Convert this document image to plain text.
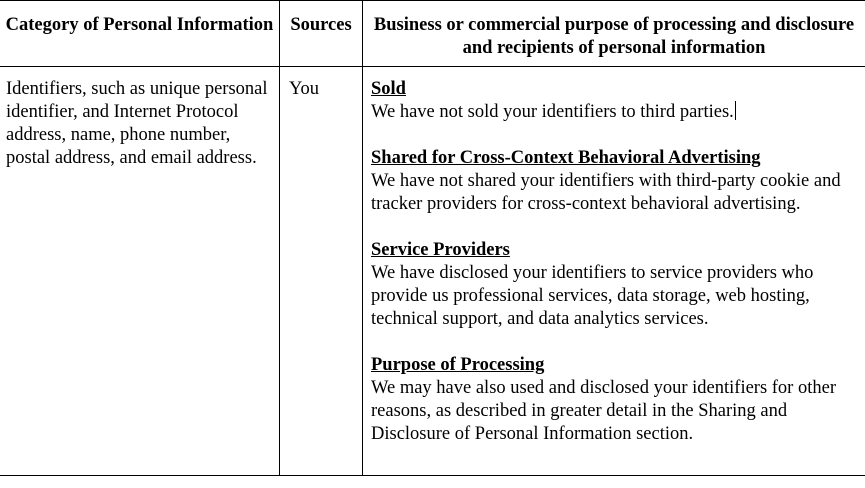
Category of Personal Information Sources	Business or commercial purpose of processing and disclosure and recipients of personal information
Identifiers, such as unique personal identifier, and Internet Protocol address, name, phone number, postal address, and email address.
You	Sold
We have not sold your identifiers to third parties.
Shared for Cross-Context Behavioral Advertising
We have not shared your identifiers with third-party cookie and tracker providers for cross-context behavioral advertising.
Service Providers
We have disclosed your identifiers to service providers who provide us professional services, data storage, web hosting, technical support, and data analytics services.
Purpose of Processing
We may have also used and disclosed your identifiers for other reasons, as described in greater detail in the Sharing and Disclosure of Personal Information section.
